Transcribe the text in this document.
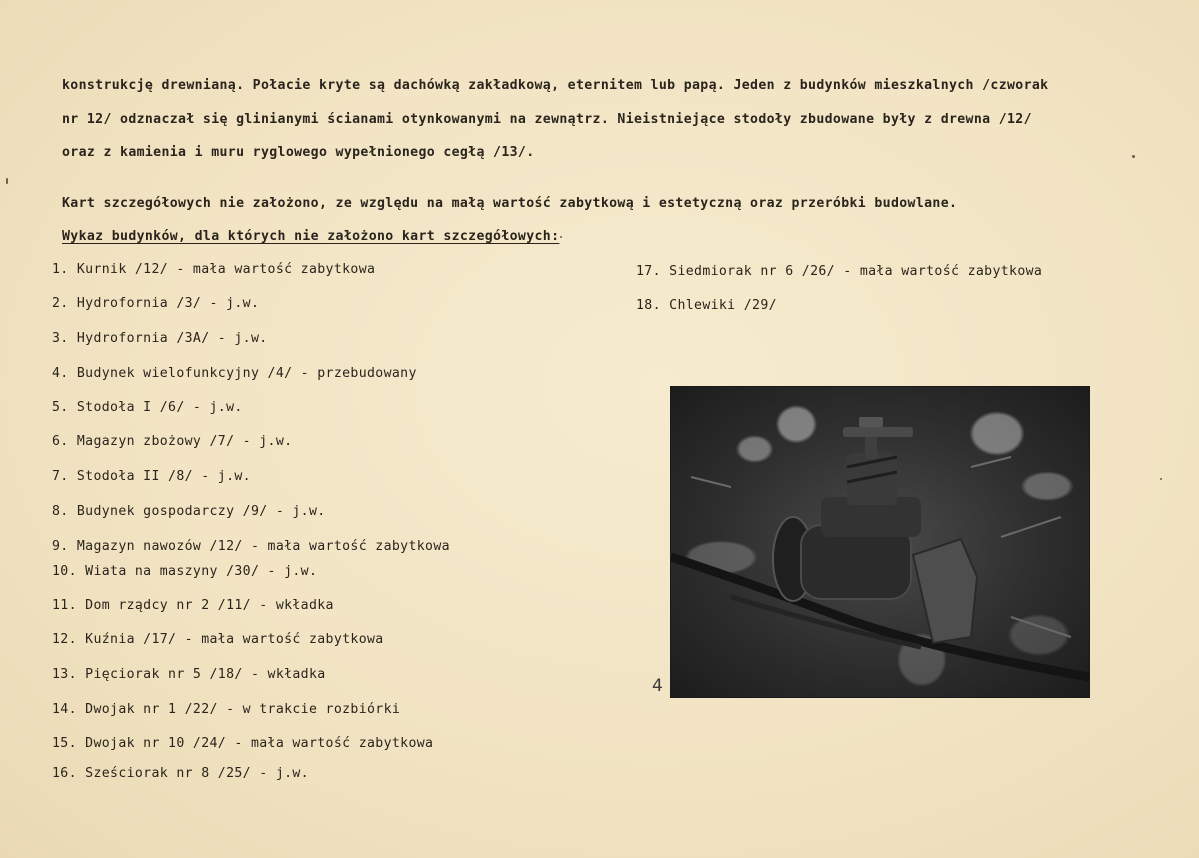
konstrukcję drewnianą. Połacie kryte są dachówką zakładkową, eternitem lub papą. Jeden z budynków mieszkalnych /czworak
nr 12/ odznaczał się glinianymi ścianami otynkowanymi na zewnątrz. Nieistniejące stodoły zbudowane były z drewna /12/
oraz z kamienia i muru ryglowego wypełnionego cegłą /13/.
Kart szczegółowych nie założono, ze względu na małą wartość zabytkową i estetyczną oraz przeróbki budowlane.
Wykaz budynków, dla których nie założono kart szczegółowych:
1. Kurnik /12/ - mała wartość zabytkowa
2. Hydrofornia /3/ - j.w.
3. Hydrofornia /3A/ - j.w.
4. Budynek wielofunkcyjny /4/ - przebudowany
5. Stodoła I /6/ - j.w.
6. Magazyn zbożowy /7/ - j.w.
7. Stodoła II /8/ - j.w.
8. Budynek gospodarczy /9/ - j.w.
9. Magazyn nawozów /12/ - mała wartość zabytkowa
10. Wiata na maszyny /30/ - j.w.
11. Dom rządcy nr 2 /11/ - wkładka
12. Kuźnia /17/ - mała wartość zabytkowa
13. Pięciorak nr 5 /18/ - wkładka
14. Dwojak nr 1 /22/ - w trakcie rozbiórki
15. Dwojak nr 10 /24/ - mała wartość zabytkowa
16. Sześciorak nr 8 /25/ - j.w.
17. Siedmiorak nr 6 /26/ - mała wartość zabytkowa
18. Chlewiki /29/
4
